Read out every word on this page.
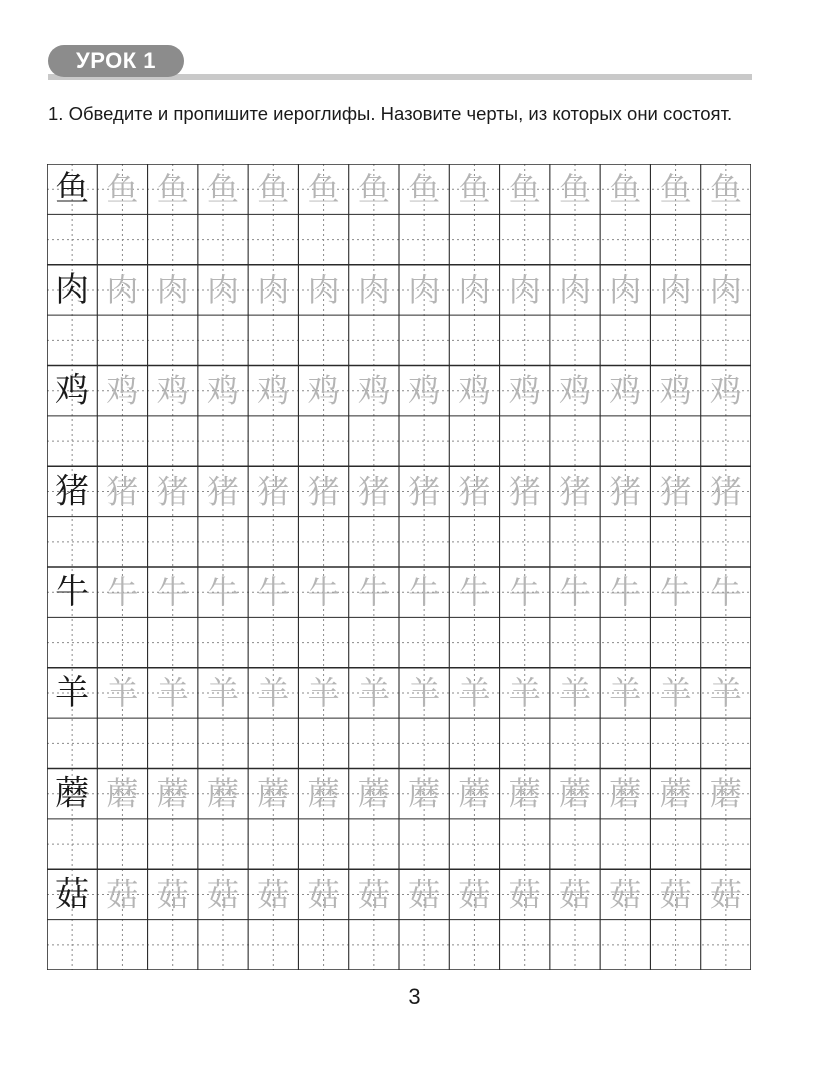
УРОК 1
1. Обведите и пропишите иероглифы. Назовите черты, из которых они состоят.
鱼 鱼 鱼 鱼 鱼 鱼 鱼 鱼 鱼 鱼 鱼 鱼 鱼 鱼
肉 肉 肉 肉 肉 肉 肉 肉 肉 肉 肉 肉 肉 肉
鸡 鸡 鸡 鸡 鸡 鸡 鸡 鸡 鸡 鸡 鸡 鸡 鸡 鸡
猪 猪 猪 猪 猪 猪 猪 猪 猪 猪 猪 猪 猪 猪
牛 牛 牛 牛 牛 牛 牛 牛 牛 牛 牛 牛 牛 牛
羊 羊 羊 羊 羊 羊 羊 羊 羊 羊 羊 羊 羊 羊
蘑 蘑 蘑 蘑 蘑 蘑 蘑 蘑 蘑 蘑 蘑 蘑 蘑 蘑
菇 菇 菇 菇 菇 菇 菇 菇 菇 菇 菇 菇 菇 菇
3
